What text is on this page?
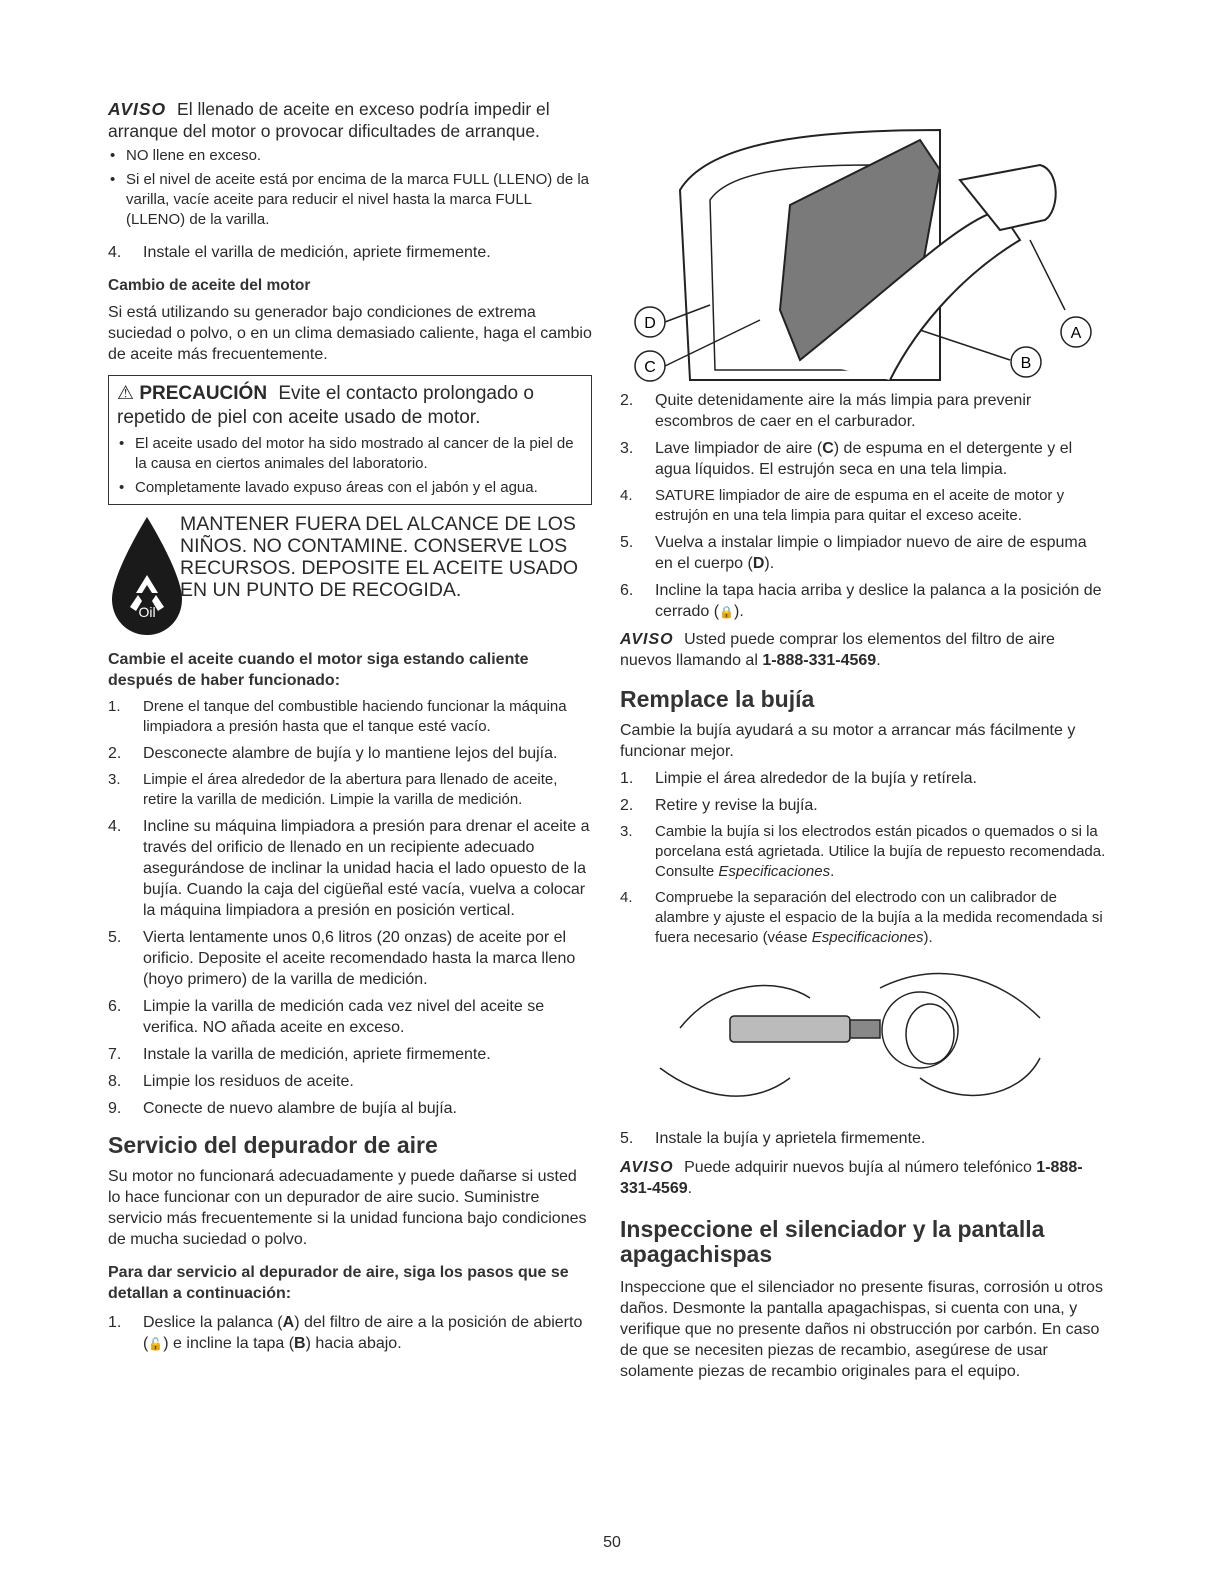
AVISO El llenado de aceite en exceso podría impedir el arranque del motor o provocar dificultades de arranque.

• NO llene en exceso.

• Si el nivel de aceite está por encima de la marca FULL (LLENO) de la varilla, vacíe aceite para reducir el nivel hasta la marca FULL (LLENO) de la varilla.

4. Instale el varilla de medición, apriete firmemente.

Cambio de aceite del motor

Si está utilizando su generador bajo condiciones de extrema suciedad o polvo, o en un clima demasiado caliente, haga el cambio de aceite más frecuentemente.

⚠ PRECAUCIÓN Evite el contacto prolongado o repetido de piel con aceite usado de motor.

• El aceite usado del motor ha sido mostrado al cancer de la piel de la causa en ciertos animales del laboratorio.

• Completamente lavado expuso áreas con el jabón y el agua.

Oil
MANTENER FUERA DEL ALCANCE DE LOS
NIÑOS. NO CONTAMINE. CONSERVE LOS
RECURSOS. DEPOSITE EL ACEITE USADO
EN UN PUNTO DE RECOGIDA.
Cambie el aceite cuando el motor siga estando caliente después de haber funcionado:

1. Drene el tanque del combustible haciendo funcionar la máquina limpiadora a presión hasta que el tanque esté vacío.

2. Desconecte alambre de bujía y lo mantiene lejos del bujía.

3. Limpie el área alrededor de la abertura para llenado de aceite, retire la varilla de medición. Limpie la varilla de medición.

4. Incline su máquina limpiadora a presión para drenar el aceite a través del orificio de llenado en un recipiente adecuado asegurándose de inclinar la unidad hacia el lado opuesto de la bujía. Cuando la caja del cigüeñal esté vacía, vuelva a colocar la máquina limpiadora a presión en posición vertical.

5. Vierta lentamente unos 0,6 litros (20 onzas) de aceite por el orificio. Deposite el aceite recomendado hasta la marca lleno (hoyo primero) de la varilla de medición.

6. Limpie la varilla de medición cada vez nivel del aceite se verifica. NO añada aceite en exceso.

7. Instale la varilla de medición, apriete firmemente.

8. Limpie los residuos de aceite.

9. Conecte de nuevo alambre de bujía al bujía.

Servicio del depurador de aire

Su motor no funcionará adecuadamente y puede dañarse si usted lo hace funcionar con un depurador de aire sucio. Suministre servicio más frecuentemente si la unidad funciona bajo condiciones de mucha suciedad o polvo.

Para dar servicio al depurador de aire, siga los pasos que se detallan a continuación:

1. Deslice la palanca (A) del filtro de aire a la posición de abierto (🔓) e incline la tapa (B) hacia abajo.

D
C	B
A

2. Quite detenidamente aire la más limpia para prevenir escombros de caer en el carburador.

3. Lave limpiador de aire (C) de espuma en el detergente y el agua líquidos. El estrujón seca en una tela limpia.

4. SATURE limpiador de aire de espuma en el aceite de motor y estrujón en una tela limpia para quitar el exceso aceite.

5. Vuelva a instalar limpie o limpiador nuevo de aire de espuma en el cuerpo (D).

6. Incline la tapa hacia arriba y deslice la palanca a la posición de cerrado (🔒).

AVISO Usted puede comprar los elementos del filtro de aire nuevos llamando al 1-888-331-4569.

Remplace la bujía

Cambie la bujía ayudará a su motor a arrancar más fácilmente y funcionar mejor.

1. Limpie el área alrededor de la bujía y retírela.

2. Retire y revise la bujía.

3. Cambie la bujía si los electrodos están picados o quemados o si la porcelana está agrietada. Utilice la bujía de repuesto recomendada. Consulte Especificaciones.

4. Compruebe la separación del electrodo con un calibrador de alambre y ajuste el espacio de la bujía a la medida recomendada si fuera necesario (véase Especificaciones).

5. Instale la bujía y aprietela firmemente.

AVISO Puede adquirir nuevos bujía al número telefónico 1-888-331-4569.

Inspeccione el silenciador y la pantalla apagachispas

Inspeccione que el silenciador no presente fisuras, corrosión u otros daños. Desmonte la pantalla apagachispas, si cuenta con una, y verifique que no presente daños ni obstrucción por carbón. En caso de que se necesiten piezas de recambio, asegúrese de usar solamente piezas de recambio originales para el equipo.

50
